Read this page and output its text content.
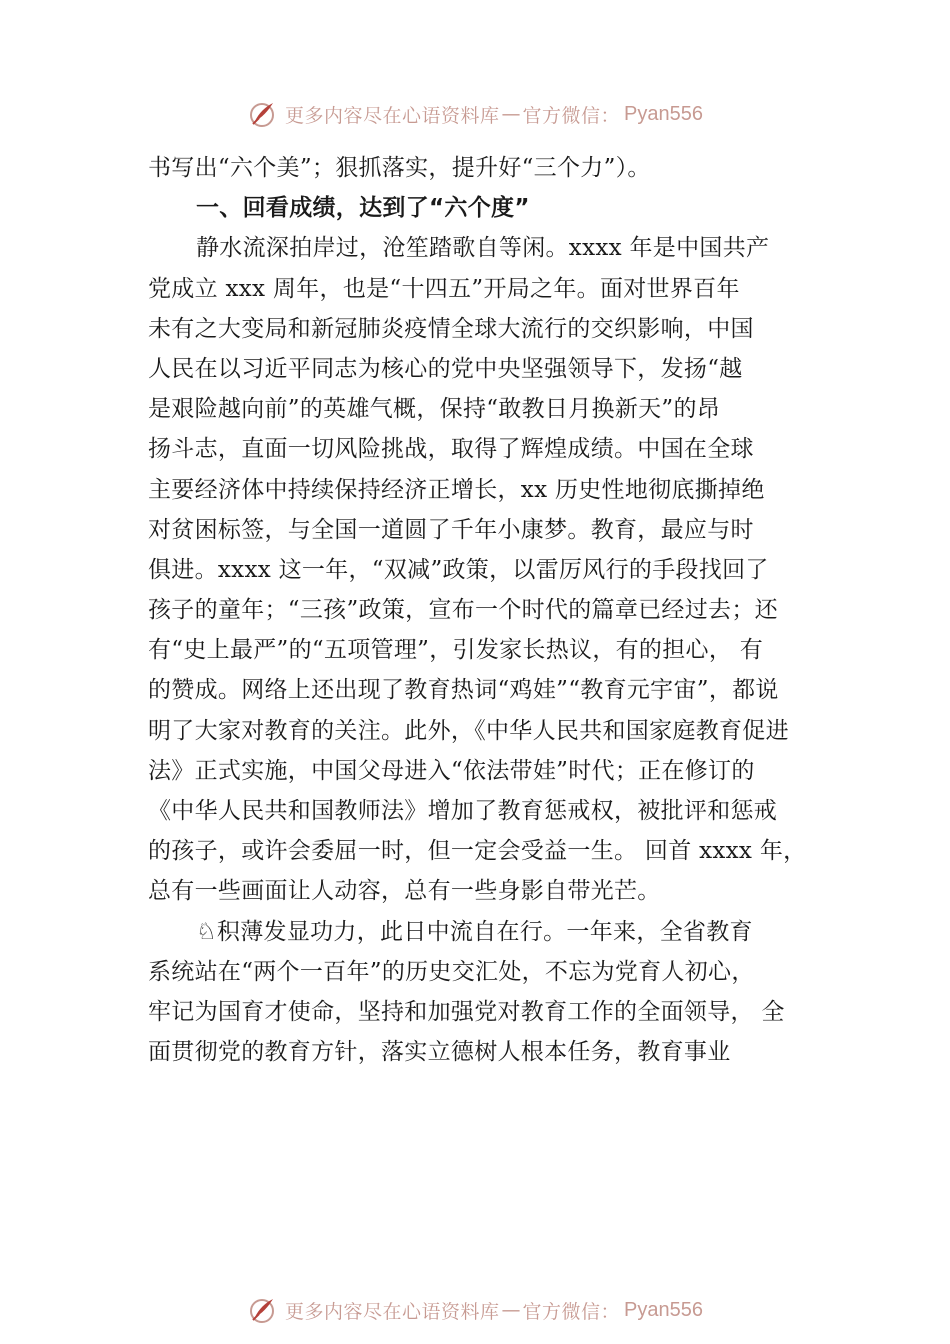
更多内容尽在心语资料库 — 官方微信： Pyan556
书写出“六个美”；狠抓落实，提升好“三个力”）。
一、回看成绩，达到了“六个度”
静水流深拍岸过，沧笙踏歌自等闲。xxxx 年是中国共产
党成立 xxx 周年，也是“十四五”开局之年。面对世界百年
未有之大变局和新冠肺炎疫情全球大流行的交织影响，中国
人民在以习近平同志为核心的党中央坚强领导下，发扬“越
是艰险越向前”的英雄气概，保持“敢教日月换新天”的昂
扬斗志，直面一切风险挑战，取得了辉煌成绩。中国在全球
主要经济体中持续保持经济正增长，xx 历史性地彻底撕掉绝
对贫困标签，与全国一道圆了千年小康梦。教育，最应与时
俱进。xxxx 这一年，“双减”政策，以雷厉风行的手段找回了
孩子的童年；“三孩”政策，宣布一个时代的篇章已经过去；还
有“史上最严”的“五项管理”，引发家长热议，有的担心， 有
的赞成。网络上还出现了教育热词“鸡娃”“教育元宇宙”，都说
明了大家对教育的关注。此外，《中华人民共和国家庭教育促进
法》正式实施，中国父母进入“依法带娃”时代；正在修订的
《中华人民共和国教师法》增加了教育惩戒权，被批评和惩戒
的孩子，或许会委屈一时，但一定会受益一生。 回首 xxxx 年，
总有一些画面让人动容，总有一些身影自带光芒。
♘积薄发显功力，此日中流自在行。一年来，全省教育
系统站在“两个一百年”的历史交汇处，不忘为党育人初心，
牢记为国育才使命，坚持和加强党对教育工作的全面领导， 全
面贯彻党的教育方针，落实立德树人根本任务，教育事业
更多内容尽在心语资料库 — 官方微信： Pyan556
